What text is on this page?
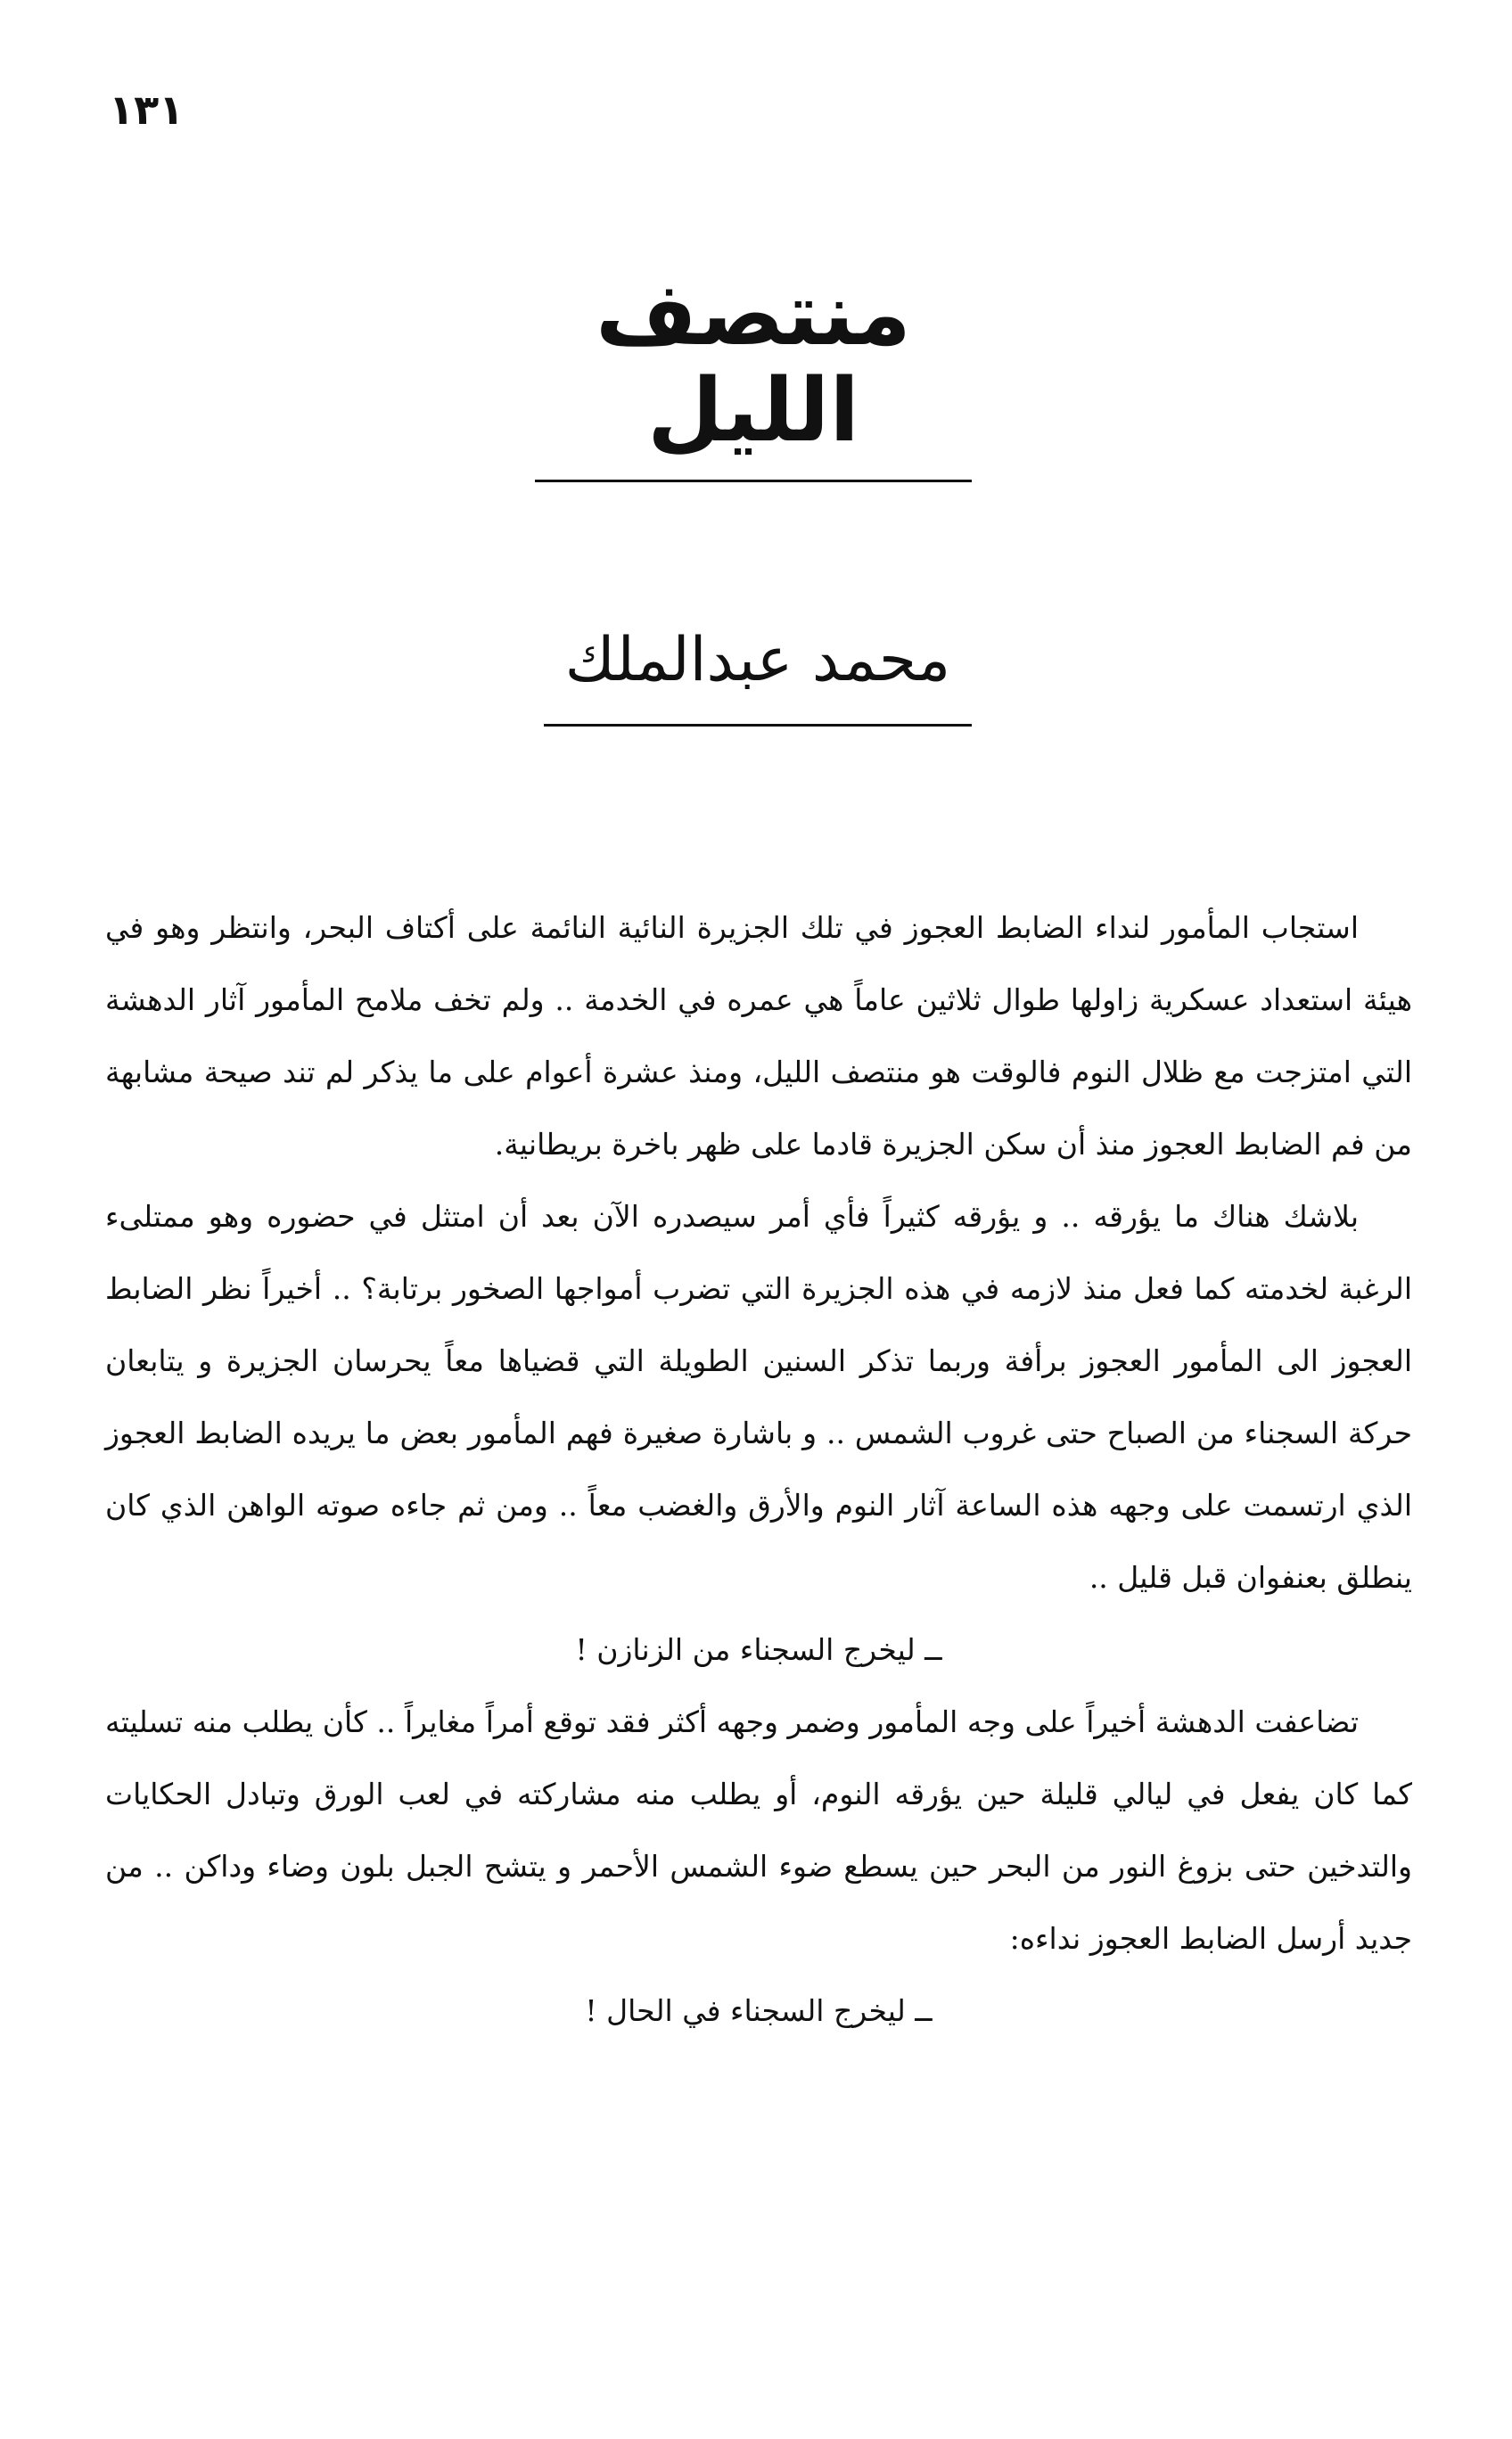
١٣١
منتصف الليل
محمد عبدالملك

استجاب المأمور لنداء الضابط العجوز في تلك الجزيرة النائية النائمة على أكتاف البحر، وانتظر وهو في هيئة استعداد عسكرية زاولها طوال ثلاثين عاماً هي عمره في الخدمة .. ولم تخف ملامح المأمور آثار الدهشة التي امتزجت مع ظلال النوم فالوقت هو منتصف الليل، ومنذ عشرة أعوام على ما يذكر لم تند صيحة مشابهة من فم الضابط العجوز منذ أن سكن الجزيرة قادما على ظهر باخرة بريطانية.

بلاشك هناك ما يؤرقه .. و يؤرقه كثيراً فأي أمر سيصدره الآن بعد أن امتثل في حضوره وهو ممتلىء الرغبة لخدمته كما فعل منذ لازمه في هذه الجزيرة التي تضرب أمواجها الصخور برتابة؟ .. أخيراً نظر الضابط العجوز الى المأمور العجوز برأفة وربما تذكر السنين الطويلة التي قضياها معاً يحرسان الجزيرة و يتابعان حركة السجناء من الصباح حتى غروب الشمس .. و باشارة صغيرة فهم المأمور بعض ما يريده الضابط العجوز الذي ارتسمت على وجهه هذه الساعة آثار النوم والأرق والغضب معاً .. ومن ثم جاءه صوته الواهن الذي كان ينطلق بعنفوان قبل قليل ..

ــ ليخرج السجناء من الزنازن !

تضاعفت الدهشة أخيراً على وجه المأمور وضمر وجهه أكثر فقد توقع أمراً مغايراً .. كأن يطلب منه تسليته كما كان يفعل في ليالي قليلة حين يؤرقه النوم، أو يطلب منه مشاركته في لعب الورق وتبادل الحكايات والتدخين حتى بزوغ النور من البحر حين يسطع ضوء الشمس الأحمر و يتشح الجبل بلون وضاء وداكن .. من جديد أرسل الضابط العجوز نداءه:

ــ ليخرج السجناء في الحال !
